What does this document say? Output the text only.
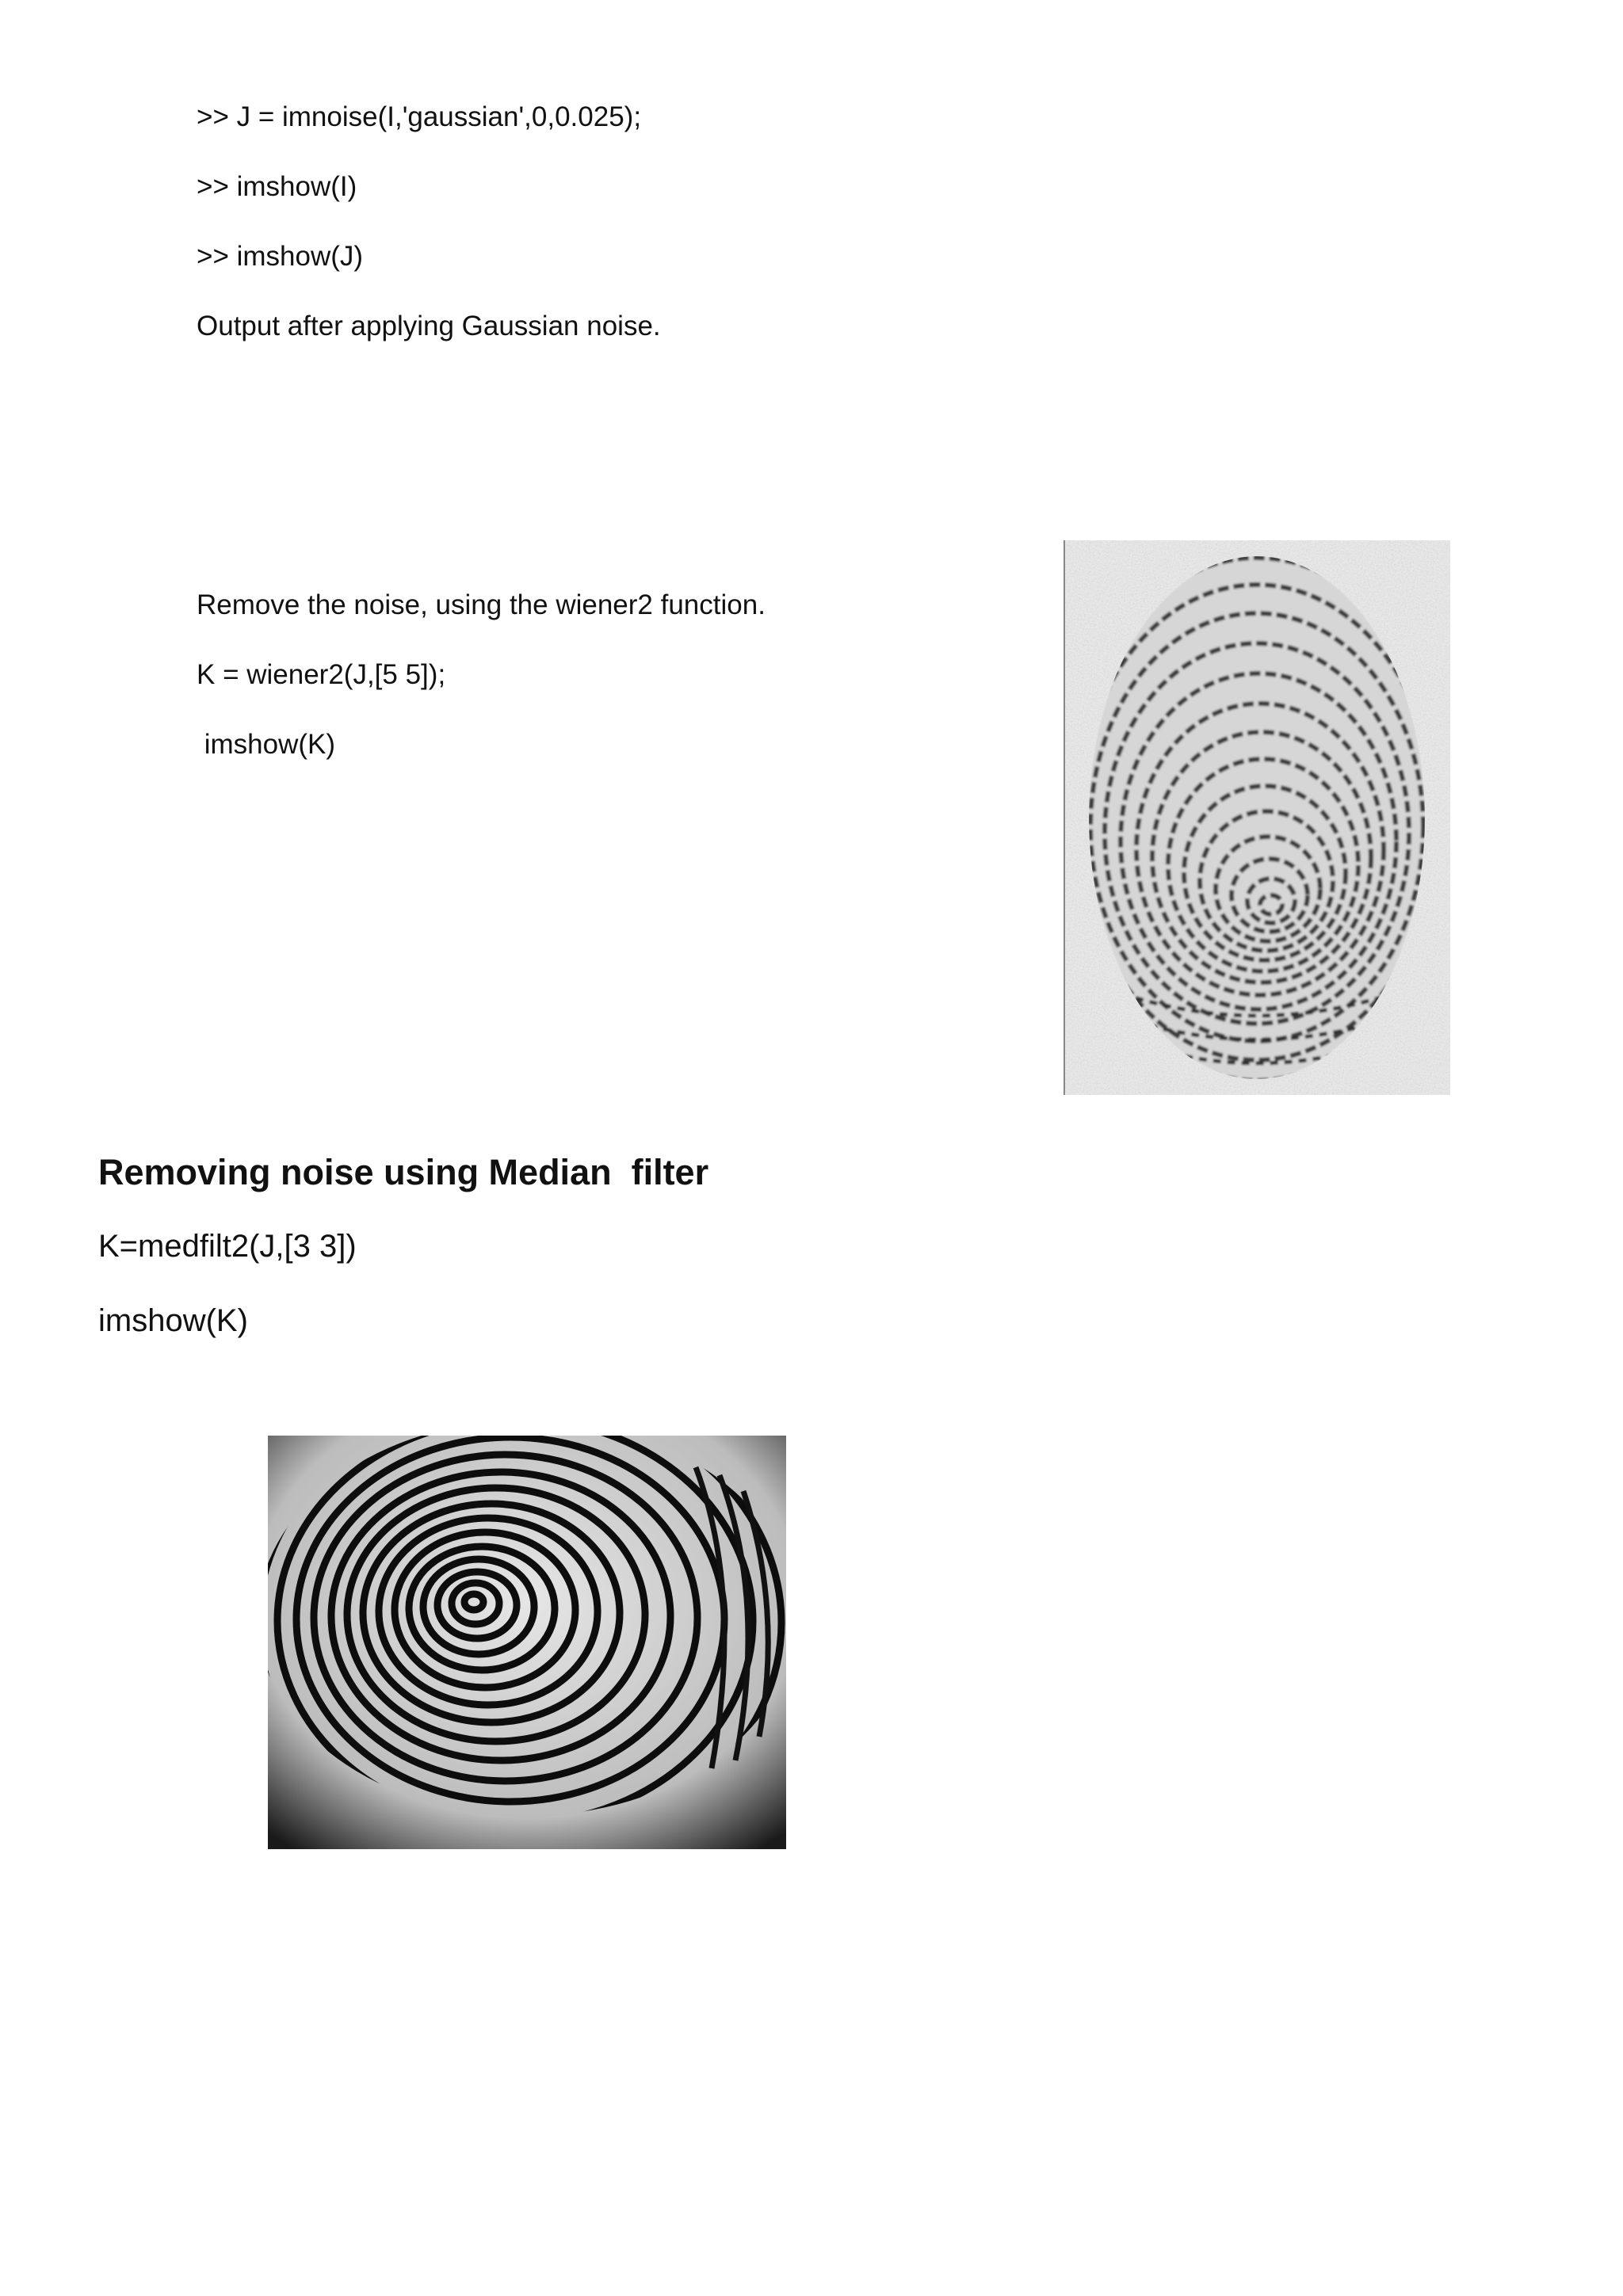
>> J = imnoise(I,'gaussian',0,0.025);
>> imshow(I)
>> imshow(J)
Output after applying Gaussian noise.
Remove the noise, using the wiener2 function.
K = wiener2(J,[5 5]);
imshow(K)
Removing noise using Median  filter
K=medfilt2(J,[3 3])
imshow(K)
